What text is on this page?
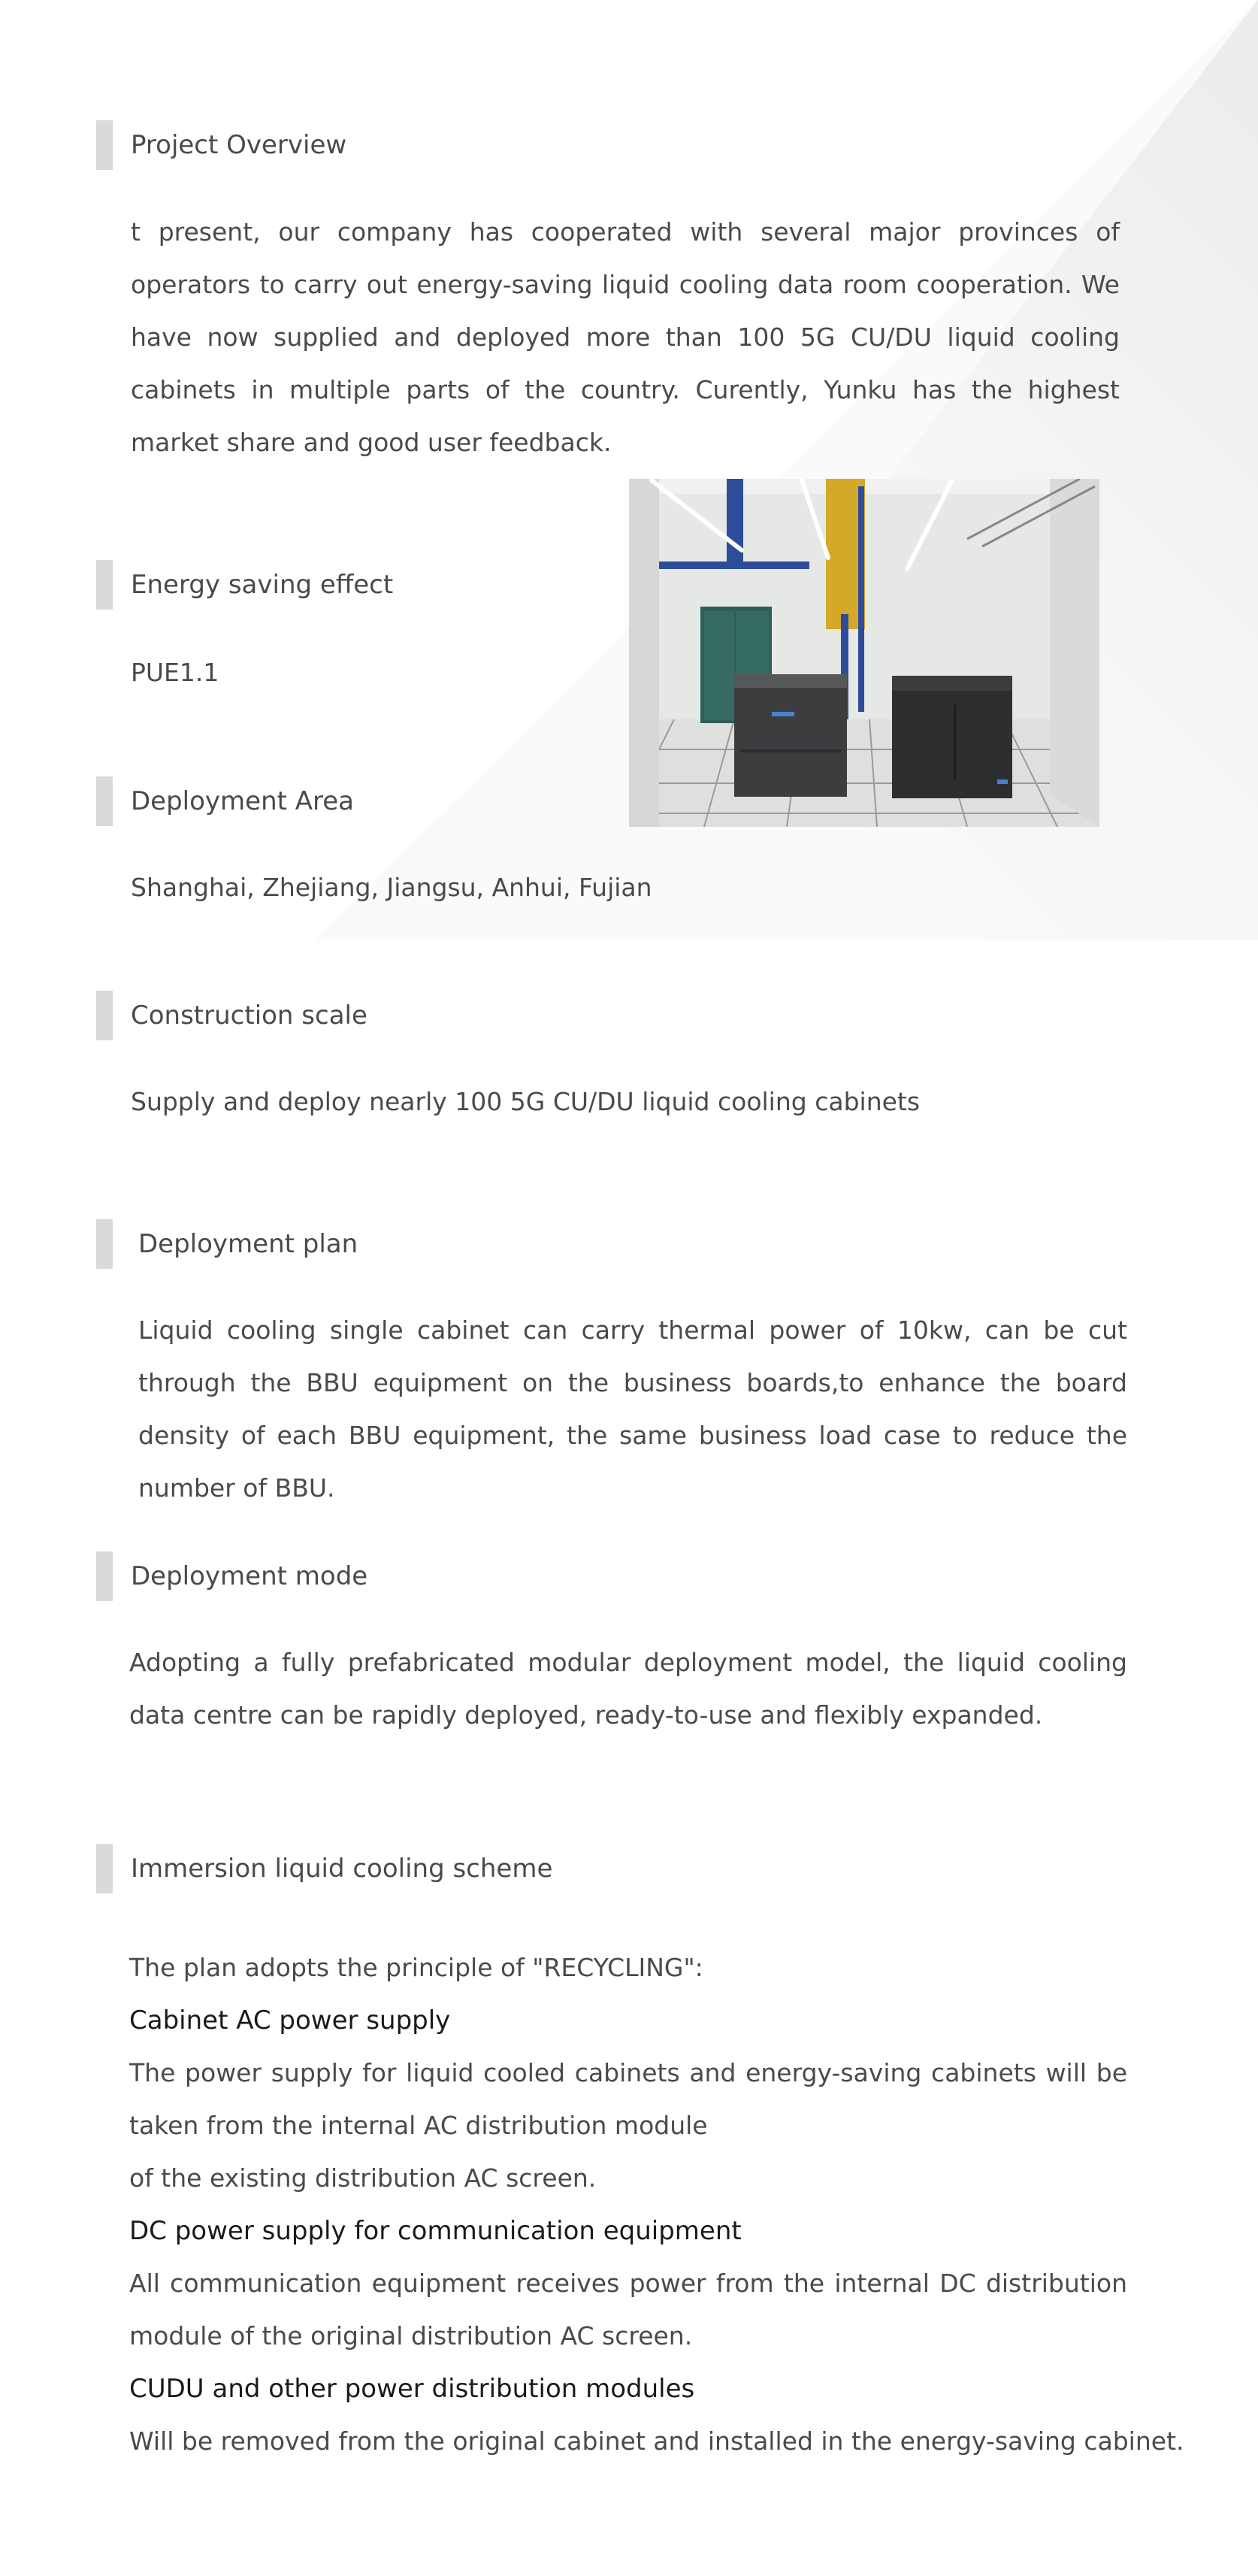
Project Overview
t present, our company has cooperated with several major provinces of operators to carry out energy-saving liquid cooling data room cooperation. We have now supplied and deployed more than 100 5G CU/DU liquid cooling cabinets in multiple parts of the country. Curently, Yunku has the highest market share and good user feedback.
Energy saving effect
PUE1.1
Deployment Area
Shanghai, Zhejiang, Jiangsu, Anhui, Fujian
Construction scale
Supply and deploy nearly 100 5G CU/DU liquid cooling cabinets
Deployment plan
Liquid cooling single cabinet can carry thermal power of 10kw, can be cut through the BBU equipment on the business boards,to enhance the board density of each BBU equipment, the same business load case to reduce the number of BBU.
Deployment mode
Adopting a fully prefabricated modular deployment model, the liquid cooling data centre can be rapidly deployed, ready-to-use and flexibly expanded.
Immersion liquid cooling scheme
The plan adopts the principle of "RECYCLING":
Cabinet AC power supply
The power supply for liquid cooled cabinets and energy-saving cabinets will be taken from the internal AC distribution module
of the existing distribution AC screen.
DC power supply for communication equipment
All communication equipment receives power from the internal DC distribution module of the original distribution AC screen.
CUDU and other power distribution modules
Will be removed from the original cabinet and installed in the energy-saving cabinet.
